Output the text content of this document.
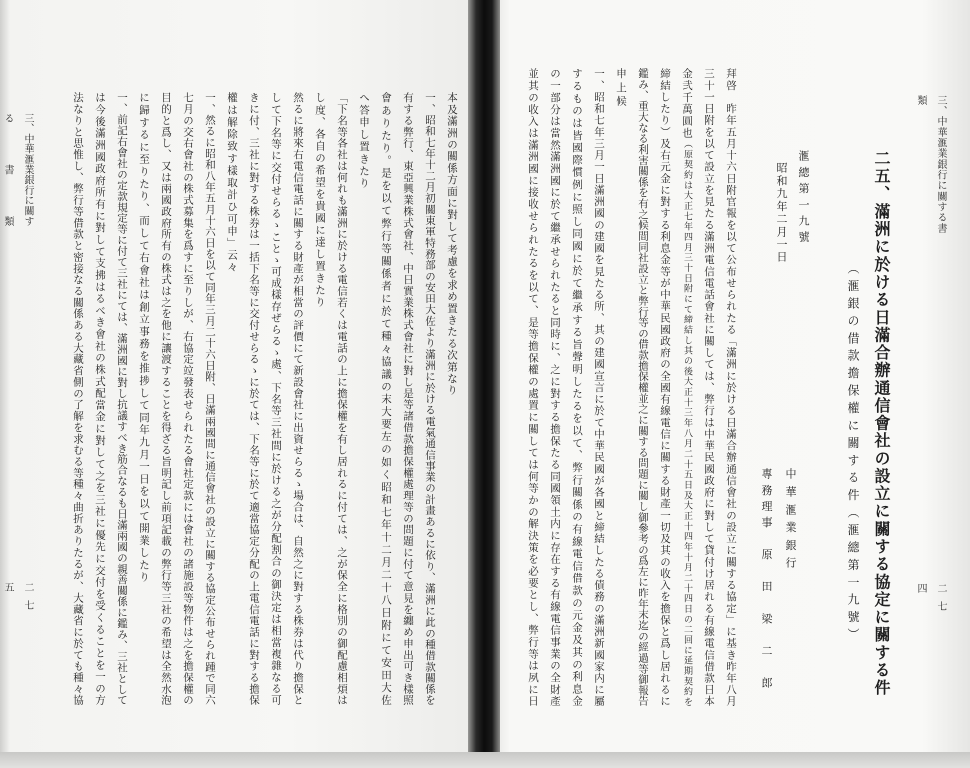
三、中華滙業銀行に關する書類
二七四
二五、滿洲に於ける日滿合辦通信會社の設立に關する協定に關する件
（滙銀の借款擔保權に關する件（滙總第一九號）
滙總第一九號
昭和九年二月一日
中華滙業銀行
專務理事　原　田　梁　二　郎
拜啓　昨年五月十六日附官報を以て公布せられたる「滿洲に於ける日滿合辦通信會社の設立に關する協定」に基き昨年八月
三十一日附を以て設立を見たる滿洲電信電話會社に關しては、弊行は中華民國政府に對して貸付け居れる有線電信借款日本
金弐千萬圓也（原契約は大正七年四月三十日附にて締結し其の後大正十三年八月二十五日及大正十四年十月二十四日の二回に延期契約を
締結したり）及右元金に對する利息金等が中華民國政府の全國有線電信に關する財產一切及其の收入を擔保と爲し居れるに
鑑み、重大なる利害關係を有之候間同社設立と弊行等の借款擔保權並之に關する問題に關し御參考の爲左に昨年末迄の經過等御報告
申上候
一、昭和七年三月一日滿洲國の建國を見たる所、其の建國宣言に於て中華民國が各國と締結したる債務の滿洲新國家内に屬
するものは皆國際慣例に照し同國に於て繼承する旨聲明したるを以て、弊行關係の有線電信借款の元金及其の利息金
の一部分は當然滿洲國に於て繼承せられたると同時に、之に對する擔保たる同國領土内に存在する有線電信事業の全財產
並其の收入は滿洲國に接收せられたるを以て、是等擔保權の處置に關しては何等かの解決策を必要とし、弊行等は夙に日
本及滿洲の關係方面に對して考慮を求め置きたる次第なり
一、昭和七年十二月初關東軍特務部の安田大佐より滿洲に於ける電氣通信事業の計畫あるに依り、滿洲に此の種借款關係を
有する弊行、東亞興業株式會社、中日實業株式會社に對し是等諸借款擔保權處理等の問題に付て意見を纏め申出可き樣照
會ありたり。是を以て弊行等關係者に於て種々協議の末大要左の如く昭和七年十二月二十八日附にて安田大佐
へ答申し置きたり
「下名等各社は何れも滿洲に於ける電信若くは電話の上に擔保權を有し居れるに付ては、之が保全に格別の御配慮相煩は
し度、各自の希望を貴國に達し置きたり
然るに將來右電信電話に關する財產が相當の評價にて新設會社に出資せらるゝ場合は、自然之に對する株券は代り擔保と
して下名等に交付せらるゝことゝ可成樣存ぜらるゝ處、下名等三社間に於ける之が分配割合の御決定は相當複雜なる可
きに付、三社に對する株券は一括下名等に交付せらるゝに於ては、下名等に於て適當協定分配の上電信電話に對する擔保
權は解除致す樣取計ひ可申」云々
一、然るに昭和八年五月十六日を以て同年三月二十六日附、日滿兩國間に通信會社の設立に關する協定公布せられ踵で同六
七月の交右會社の株式募集を爲すに至りしが、右協定竝發表せられたる會社定款には會社の諸施設等物件は之を擔保權の
目的と爲し、又は兩國政府所有の株式は之を他に讓渡することを得ざる旨明記し前項記載の弊行等三社の希望は全然水泡
に歸するに至りたり、而して右會社は創立事務を推捗して同年九月一日を以て開業したり
一、前記右會社の定款規定等に付て三社にては、滿洲國に對し抗議すべき筋合なるも日滿兩國の親善關係に鑑み、三社として
は今後滿洲國政府所有に對して支拂はるべき會社の株式配當金に對して之を三社に優先に交付を受くることを一の方
法なりと思惟し、弊行等借款と密接なる關係ある大藏省側の了解を求むる等種々曲折ありたるが、大藏省に於ても種々協
三、中華滙業銀行に關する書類
二七五
